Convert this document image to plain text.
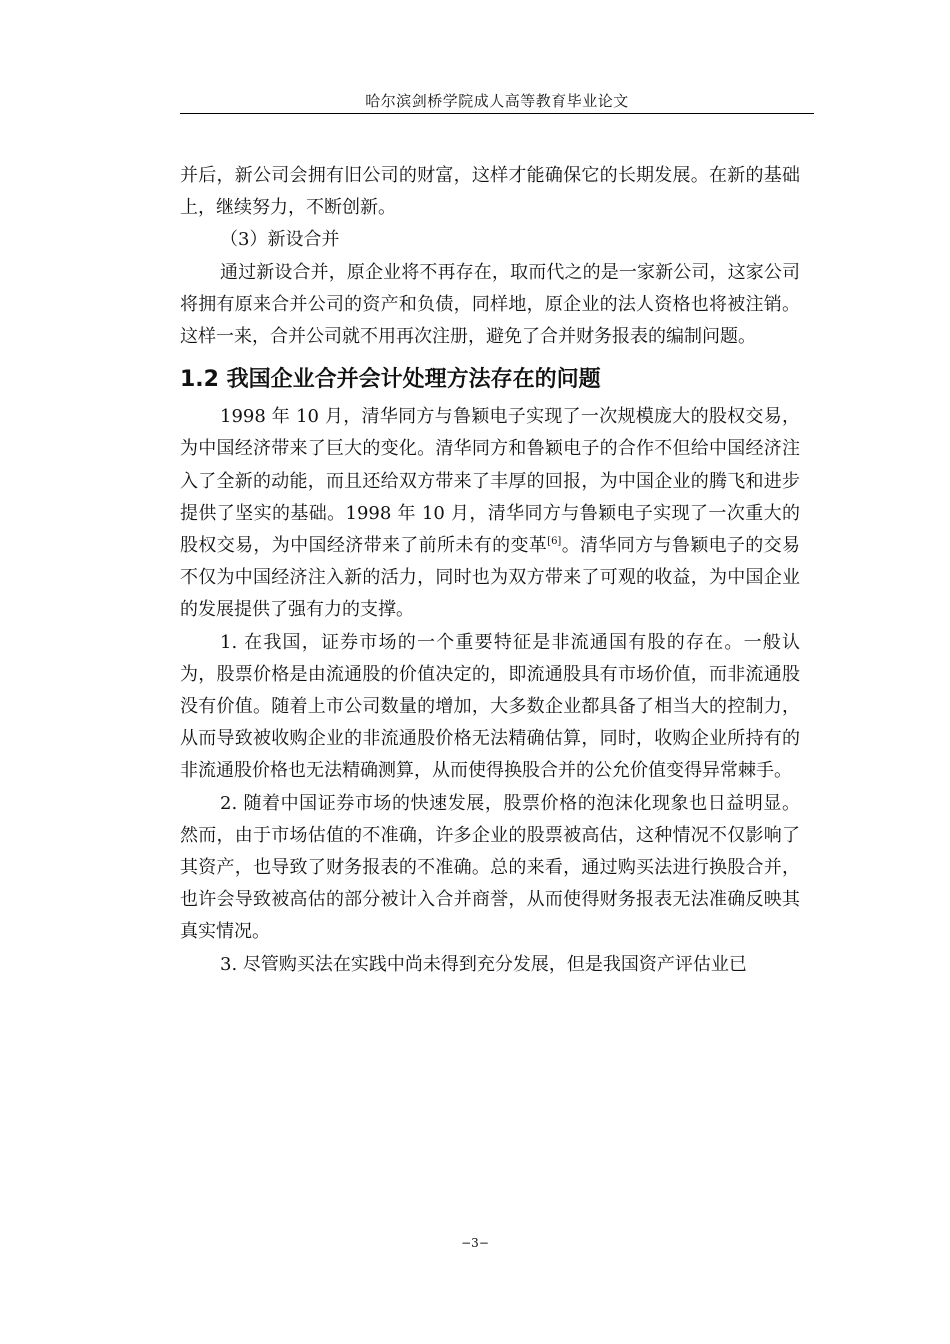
哈尔滨剑桥学院成人高等教育毕业论文

并后，新公司会拥有旧公司的财富，这样才能确保它的长期发展。在新的基础上，继续努力，不断创新。

（3）新设合并

通过新设合并，原企业将不再存在，取而代之的是一家新公司，这家公司将拥有原来合并公司的资产和负债，同样地，原企业的法人资格也将被注销。这样一来，合并公司就不用再次注册，避免了合并财务报表的编制问题。

1.2 我国企业合并会计处理方法存在的问题

1998 年 10 月，清华同方与鲁颖电子实现了一次规模庞大的股权交易，为中国经济带来了巨大的变化。清华同方和鲁颖电子的合作不但给中国经济注入了全新的动能，而且还给双方带来了丰厚的回报，为中国企业的腾飞和进步提供了坚实的基础。1998 年 10 月，清华同方与鲁颖电子实现了一次重大的股权交易，为中国经济带来了前所未有的变革[6]。清华同方与鲁颖电子的交易不仅为中国经济注入新的活力，同时也为双方带来了可观的收益，为中国企业的发展提供了强有力的支撑。

1. 在我国，证券市场的一个重要特征是非流通国有股的存在。一般认为，股票价格是由流通股的价值决定的，即流通股具有市场价值，而非流通股没有价值。随着上市公司数量的增加，大多数企业都具备了相当大的控制力，从而导致被收购企业的非流通股价格无法精确估算，同时，收购企业所持有的非流通股价格也无法精确测算，从而使得换股合并的公允价值变得异常棘手。

2. 随着中国证券市场的快速发展，股票价格的泡沫化现象也日益明显。然而，由于市场估值的不准确，许多企业的股票被高估，这种情况不仅影响了其资产，也导致了财务报表的不准确。总的来看，通过购买法进行换股合并，也许会导致被高估的部分被计入合并商誉，从而使得财务报表无法准确反映其真实情况。

3. 尽管购买法在实践中尚未得到充分发展，但是我国资产评估业已

−3−
